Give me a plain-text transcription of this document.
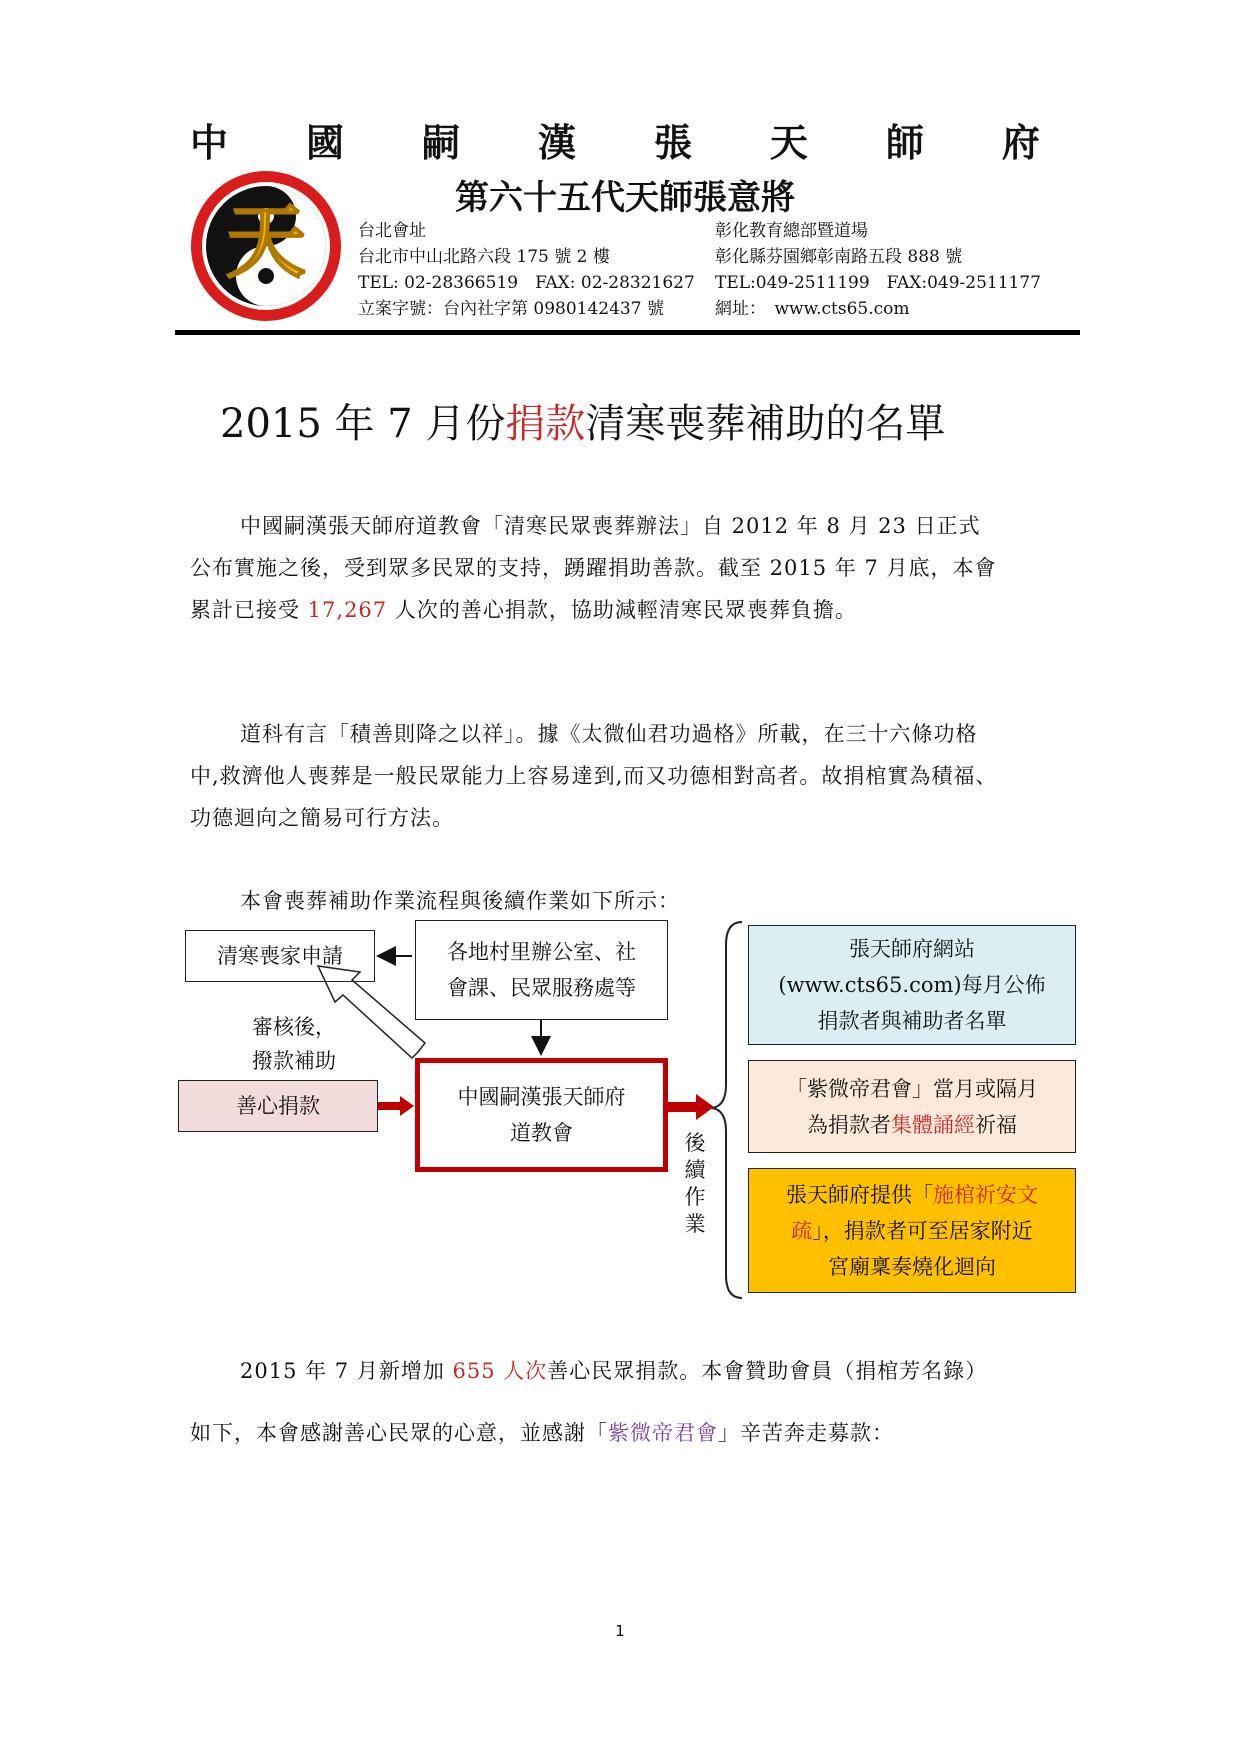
中 國 嗣 漢 張 天 師 府
第六十五代天師張意將
天	台北會址
台北市中山北路六段 175 號 2 樓
TEL: 02-28366519　FAX: 02-28321627
立案字號：台內社字第 0980142437 號
彰化教育總部暨道場
彰化縣芬園鄉彰南路五段 888 號
TEL:049-2511199　FAX:049-2511177
網址：　www.cts65.com
2015 年 7 月份捐款清寒喪葬補助的名單

中國嗣漢張天師府道教會「清寒民眾喪葬辦法」自 2012 年 8 月 23 日正式公布實施之後，受到眾多民眾的支持，踴躍捐助善款。截至 2015 年 7 月底，本會累計已接受 17,267 人次的善心捐款，協助減輕清寒民眾喪葬負擔。

道科有言「積善則降之以祥」。據《太微仙君功過格》所載，在三十六條功格中,救濟他人喪葬是一般民眾能力上容易達到,而又功德相對高者。故捐棺實為積福、功德迴向之簡易可行方法。

本會喪葬補助作業流程與後續作業如下所示：

清寒喪家申請	各地村里辦公室、社
會課、民眾服務處等
審核後，
撥款補助
善心捐款	中國嗣漢張天師府
道教會	後續作業
張天師府網站
(www.cts65.com)每月公佈
捐款者與補助者名單
「紫微帝君會」當月或隔月
為捐款者集體誦經祈福
張天師府提供「施棺祈安文
疏」，捐款者可至居家附近
宮廟稟奏燒化迴向

2015 年 7 月新增加 655 人次善心民眾捐款。本會贊助會員（捐棺芳名錄）如下，本會感謝善心民眾的心意，並感謝「紫微帝君會」辛苦奔走募款：

1
